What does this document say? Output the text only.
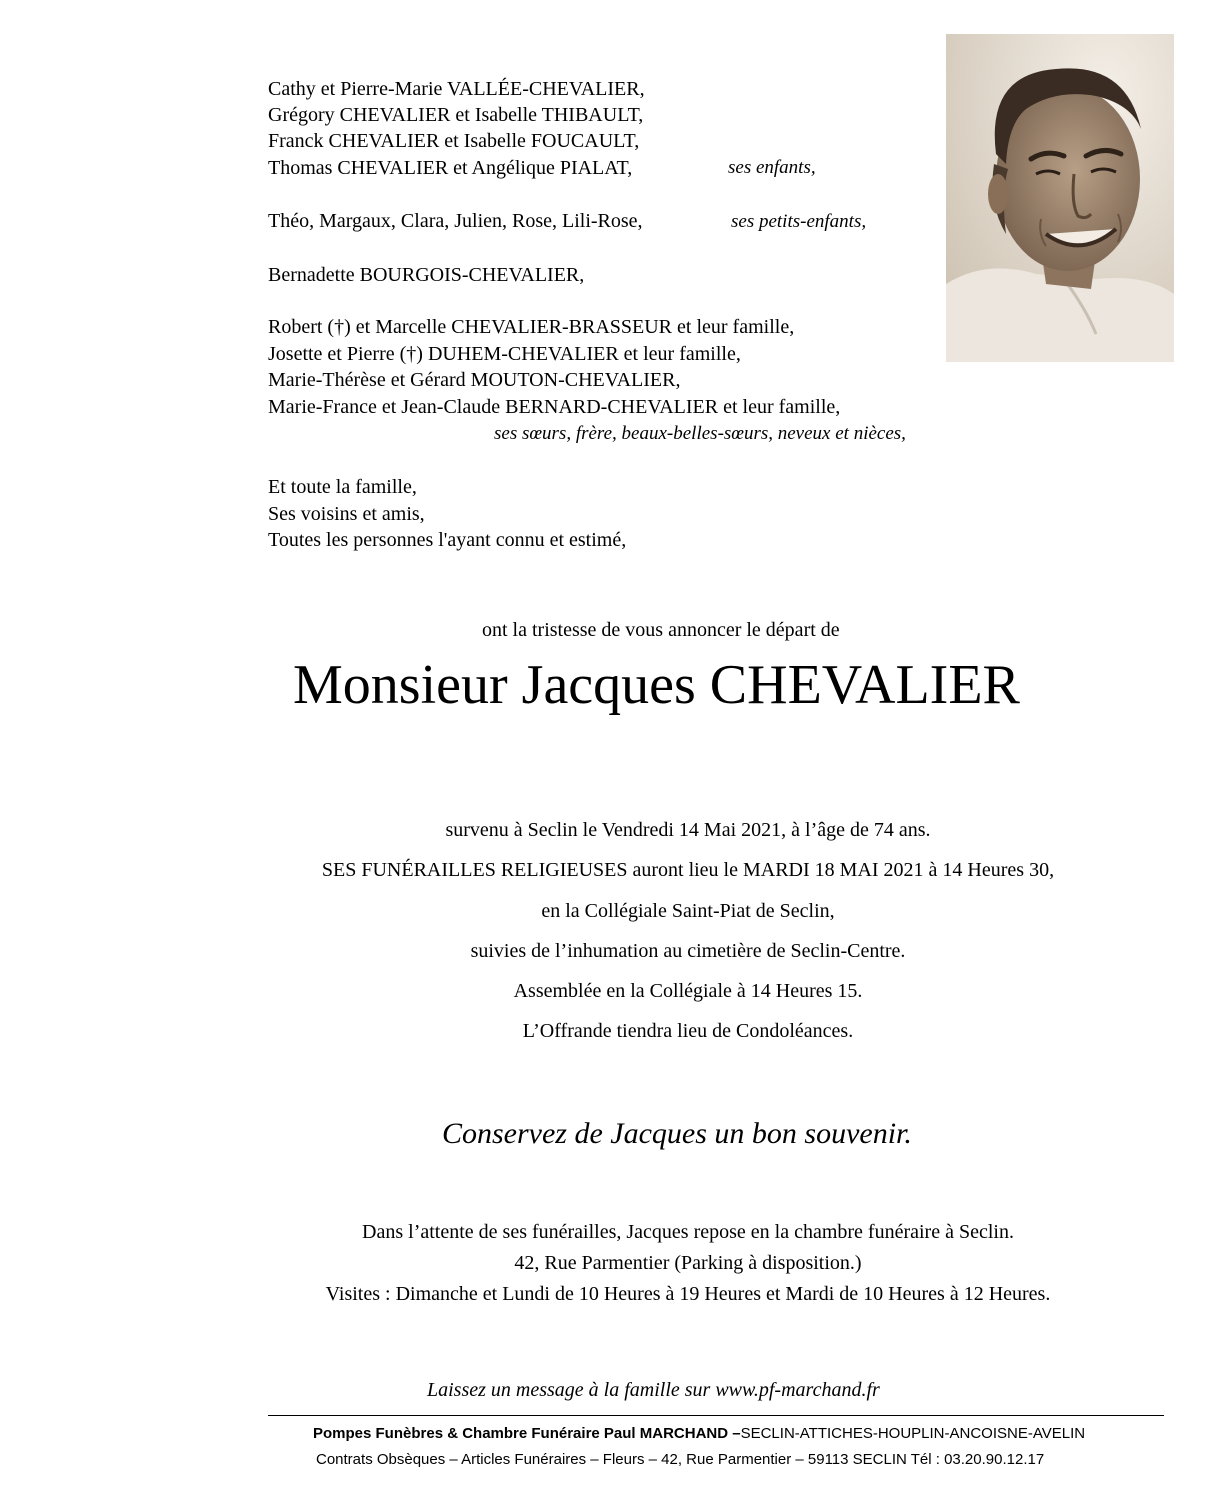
Cathy et Pierre-Marie VALLÉE-CHEVALIER,
Grégory CHEVALIER et Isabelle THIBAULT,
Franck CHEVALIER et Isabelle FOUCAULT,
Thomas CHEVALIER et Angélique PIALAT,	ses enfants,
Théo, Margaux, Clara, Julien, Rose, Lili-Rose,	ses petits-enfants,
Bernadette BOURGOIS-CHEVALIER,
Robert (†) et Marcelle CHEVALIER-BRASSEUR et leur famille,
Josette et Pierre (†) DUHEM-CHEVALIER et leur famille,
Marie-Thérèse et Gérard MOUTON-CHEVALIER,
Marie-France et Jean-Claude BERNARD-CHEVALIER et leur famille,
ses sœurs, frère, beaux-belles-sœurs, neveux et nièces,
Et toute la famille,
Ses voisins et amis,
Toutes les personnes l'ayant connu et estimé,
ont la tristesse de vous annoncer le départ de
Monsieur Jacques CHEVALIER
survenu à Seclin le Vendredi 14 Mai 2021, à l’âge de 74 ans.
SES FUNÉRAILLES RELIGIEUSES auront lieu le MARDI 18 MAI 2021 à 14 Heures 30,
en la Collégiale Saint-Piat de Seclin,
suivies de l’inhumation au cimetière de Seclin-Centre.
Assemblée en la Collégiale à 14 Heures 15.
L’Offrande tiendra lieu de Condoléances.
Conservez de Jacques un bon souvenir.
Dans l’attente de ses funérailles, Jacques repose en la chambre funéraire à Seclin.
42, Rue Parmentier (Parking à disposition.)
Visites : Dimanche et Lundi de 10 Heures à 19 Heures et Mardi de 10 Heures à 12 Heures.
Laissez un message à la famille sur www.pf-marchand.fr
Pompes Funèbres & Chambre Funéraire Paul MARCHAND –SECLIN-ATTICHES-HOUPLIN-ANCOISNE-AVELIN
Contrats Obsèques – Articles Funéraires – Fleurs – 42, Rue Parmentier – 59113 SECLIN Tél : 03.20.90.12.17
